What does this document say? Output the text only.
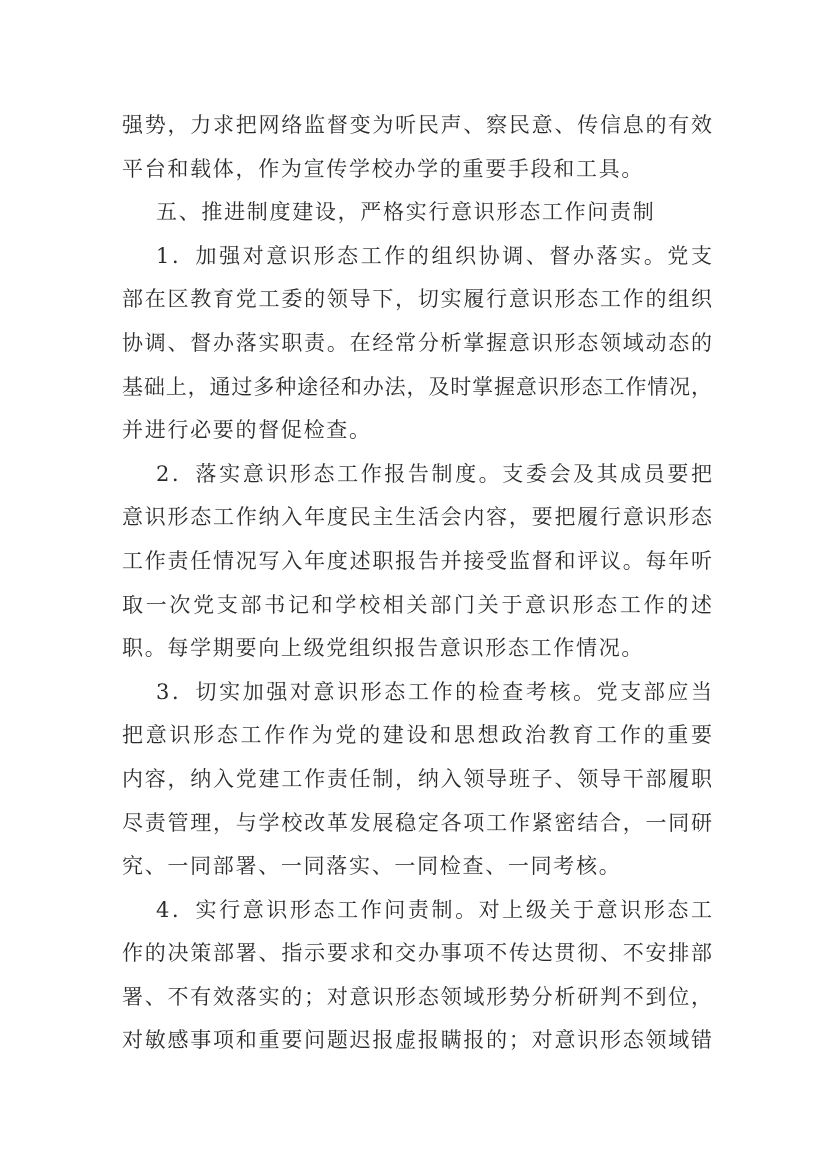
强势，力求把网络监督变为听民声、察民意、传信息的有效
平台和载体，作为宣传学校办学的重要手段和工具。
五、推进制度建设，严格实行意识形态工作问责制
1．加强对意识形态工作的组织协调、督办落实。党支
部在区教育党工委的领导下，切实履行意识形态工作的组织
协调、督办落实职责。在经常分析掌握意识形态领域动态的
基础上，通过多种途径和办法，及时掌握意识形态工作情况，
并进行必要的督促检查。
2．落实意识形态工作报告制度。支委会及其成员要把
意识形态工作纳入年度民主生活会内容，要把履行意识形态
工作责任情况写入年度述职报告并接受监督和评议。每年听
取一次党支部书记和学校相关部门关于意识形态工作的述
职。每学期要向上级党组织报告意识形态工作情况。
3．切实加强对意识形态工作的检查考核。党支部应当
把意识形态工作作为党的建设和思想政治教育工作的重要
内容，纳入党建工作责任制，纳入领导班子、领导干部履职
尽责管理，与学校改革发展稳定各项工作紧密结合，一同研
究、一同部署、一同落实、一同检查、一同考核。
4．实行意识形态工作问责制。对上级关于意识形态工
作的决策部署、指示要求和交办事项不传达贯彻、不安排部
署、不有效落实的；对意识形态领域形势分析研判不到位，
对敏感事项和重要问题迟报虚报瞒报的；对意识形态领域错
